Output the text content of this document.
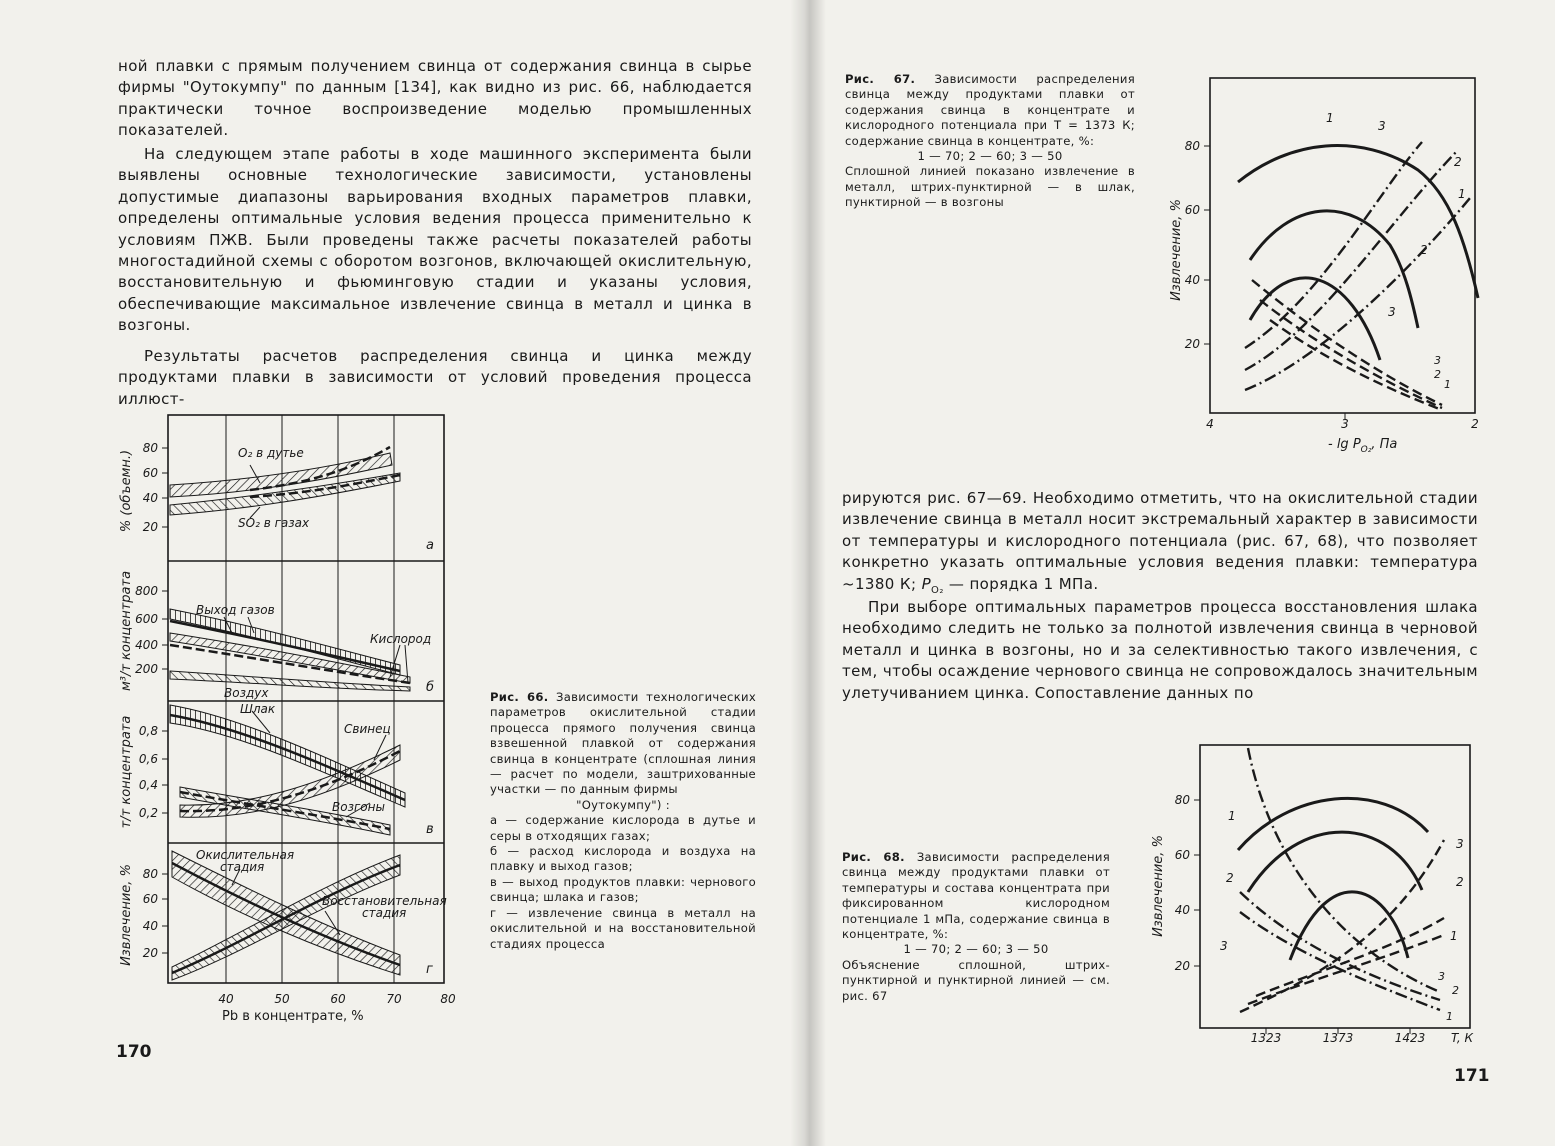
ной плавки с прямым получением свинца от содержания свинца в сырье фирмы "Оутокумпу" по данным [134], как видно из рис. 66, наблюдается практически точное воспроизведение моделью промышленных показателей.

На следующем этапе работы в ходе машинного эксперимента были выявлены основные технологические зависимости, установлены допустимые диапазоны варьирования входных параметров плавки, определены оптимальные условия ведения процесса применительно к условиям ПЖВ. Были проведены также расчеты показателей работы многостадийной схемы с оборотом возгонов, включающей окислительную, восстановительную и фьюминговую стадии и указаны условия, обеспечивающие максимальное извлечение свинца в металл и цинка в возгоны.

Результаты расчетов распределения свинца и цинка между продуктами плавки в зависимости от условий проведения процесса иллюст-

80
60
40
20
800
600
400
200
0,8
0,6
0,4
0,2
80
60
40
20
% (объемн.)
м³/т концентрата
т/т концентрата
Извлечение, %
O₂ в дутье
SO₂ в газах
а
Выход газов
Кислород
Воздух	б
Шлак
Свинец
Возгоны
в
Окислительная
стадия
Восстановительная
стадия
г
40	50	60	70	80
Pb в концентрате, %
Рис. 66. Зависимости технологических параметров окислительной стадии процесса прямого получения свинца взвешенной плавкой от содержания свинца в концентрате (сплошная линия — расчет по модели, заштрихованные участки — по данным фирмы
"Оутокумпу") :
а — содержание кислорода в дутье и серы в отходящих газах;
б — расход кислорода и воздуха на плавку и выход газов;
в — выход продуктов плавки: чернового свинца; шлака и газов;
г — извлечение свинца в металл на окислительной и на восстановительной стадиях процесса
170
Рис. 67. Зависимости распределения свинца между продуктами плавки от содержания свинца в концентрате и кислородного потенциала при T = 1373 К; содержание свинца в концентрате, %:
1 — 70; 2 — 60; 3 — 50
Сплошной линией показано извлечение в металл, штрих-пунктирной — в шлак, пунктирной — в возгоны
80
60
40
20
4	3	2
- $\lg P_{O_2}$, Па
Извлечение, %
1
3
2
1
2
3
3
2
1

рируются рис. 67—69. Необходимо отметить, что на окислительной стадии извлечение свинца в металл носит экстремальный характер в зависимости от температуры и кислородного потенциала (рис. 67, 68), что позволяет конкретно указать оптимальные условия ведения плавки: температура ~1380 К; $P_{O_2}$ — порядка 1 МПа.

При выборе оптимальных параметров процесса восстановления шлака необходимо следить не только за полнотой извлечения свинца в черновой металл и цинка в возгоны, но и за селективностью такого извлечения, с тем, чтобы осаждение чернового свинца не сопровождалось значительным улетучиванием цинка. Сопоставление данных по

Рис. 68. Зависимости распределения свинца между продуктами плавки от температуры и состава концентрата при фиксированном кислородном потенциале 1 мПа, содержание свинца в концентрате, %:
1 — 70; 2 — 60; 3 — 50
Объяснение сплошной, штрих-пунктирной и пунктирной линией — см. рис. 67
80
60
40
20
1323	1373	1423 T, К
Извлечение, %
1
2
3
3
2
1
3
2
1
171
